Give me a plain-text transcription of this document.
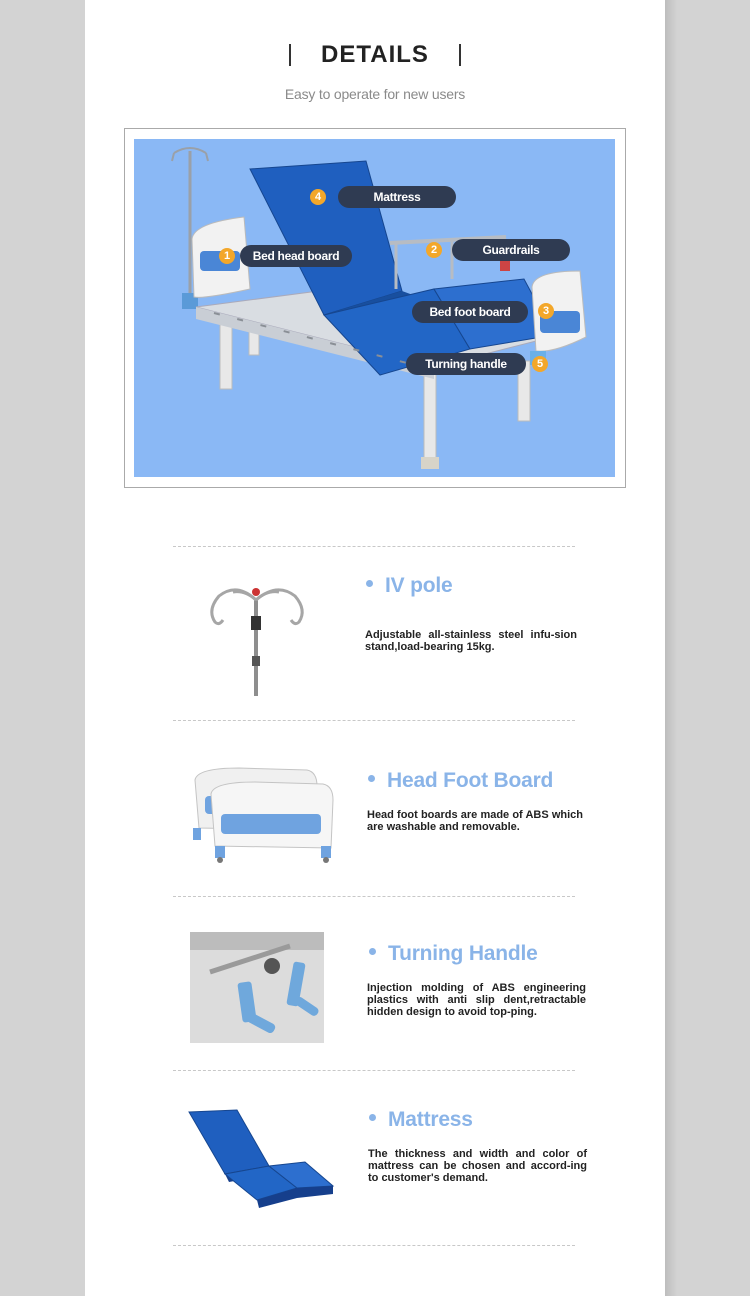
DETAILS
Easy to operate for new users
4	Mattress
1	Bed head board	2	Guardrails
Bed foot board	3
Turning handle	5
IV pole
Adjustable all-stainless steel infu-sion stand,load-bearing 15kg.
Head Foot Board
Head foot boards are made of ABS which are washable and removable.
Turning Handle
Injection molding of ABS engineering plastics with anti slip dent,retractable hidden design to avoid top-ping.
Mattress
The thickness and width and color of mattress can be chosen and accord-ing to customer's demand.
